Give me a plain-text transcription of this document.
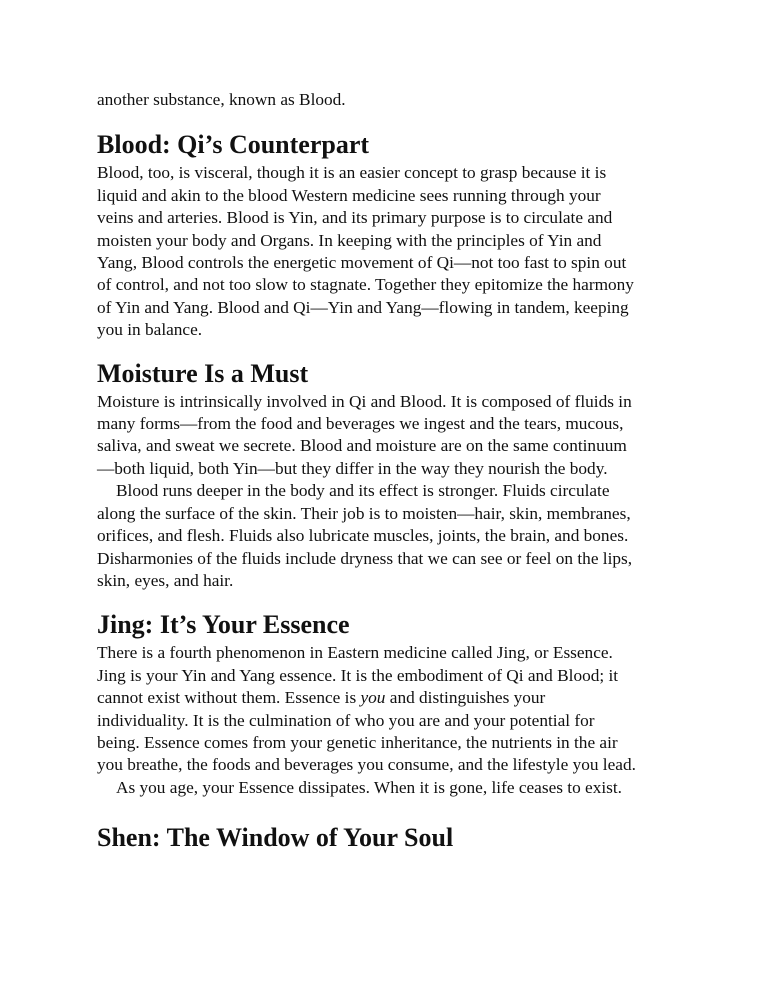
another substance, known as Blood.

Blood: Qi’s Counterpart

Blood, too, is visceral, though it is an easier concept to grasp because it is
liquid and akin to the blood Western medicine sees running through your
veins and arteries. Blood is Yin, and its primary purpose is to circulate and
moisten your body and Organs. In keeping with the principles of Yin and
Yang, Blood controls the energetic movement of Qi—not too fast to spin out
of control, and not too slow to stagnate. Together they epitomize the harmony
of Yin and Yang. Blood and Qi—Yin and Yang—flowing in tandem, keeping
you in balance.

Moisture Is a Must

Moisture is intrinsically involved in Qi and Blood. It is composed of fluids in
many forms—from the food and beverages we ingest and the tears, mucous,
saliva, and sweat we secrete. Blood and moisture are on the same continuum
—both liquid, both Yin—but they differ in the way they nourish the body.

Blood runs deeper in the body and its effect is stronger. Fluids circulate
along the surface of the skin. Their job is to moisten—hair, skin, membranes,
orifices, and flesh. Fluids also lubricate muscles, joints, the brain, and bones.
Disharmonies of the fluids include dryness that we can see or feel on the lips,
skin, eyes, and hair.

Jing: It’s Your Essence

There is a fourth phenomenon in Eastern medicine called Jing, or Essence.
Jing is your Yin and Yang essence. It is the embodiment of Qi and Blood; it
cannot exist without them. Essence is you and distinguishes your
individuality. It is the culmination of who you are and your potential for
being. Essence comes from your genetic inheritance, the nutrients in the air
you breathe, the foods and beverages you consume, and the lifestyle you lead.

As you age, your Essence dissipates. When it is gone, life ceases to exist.

Shen: The Window of Your Soul
